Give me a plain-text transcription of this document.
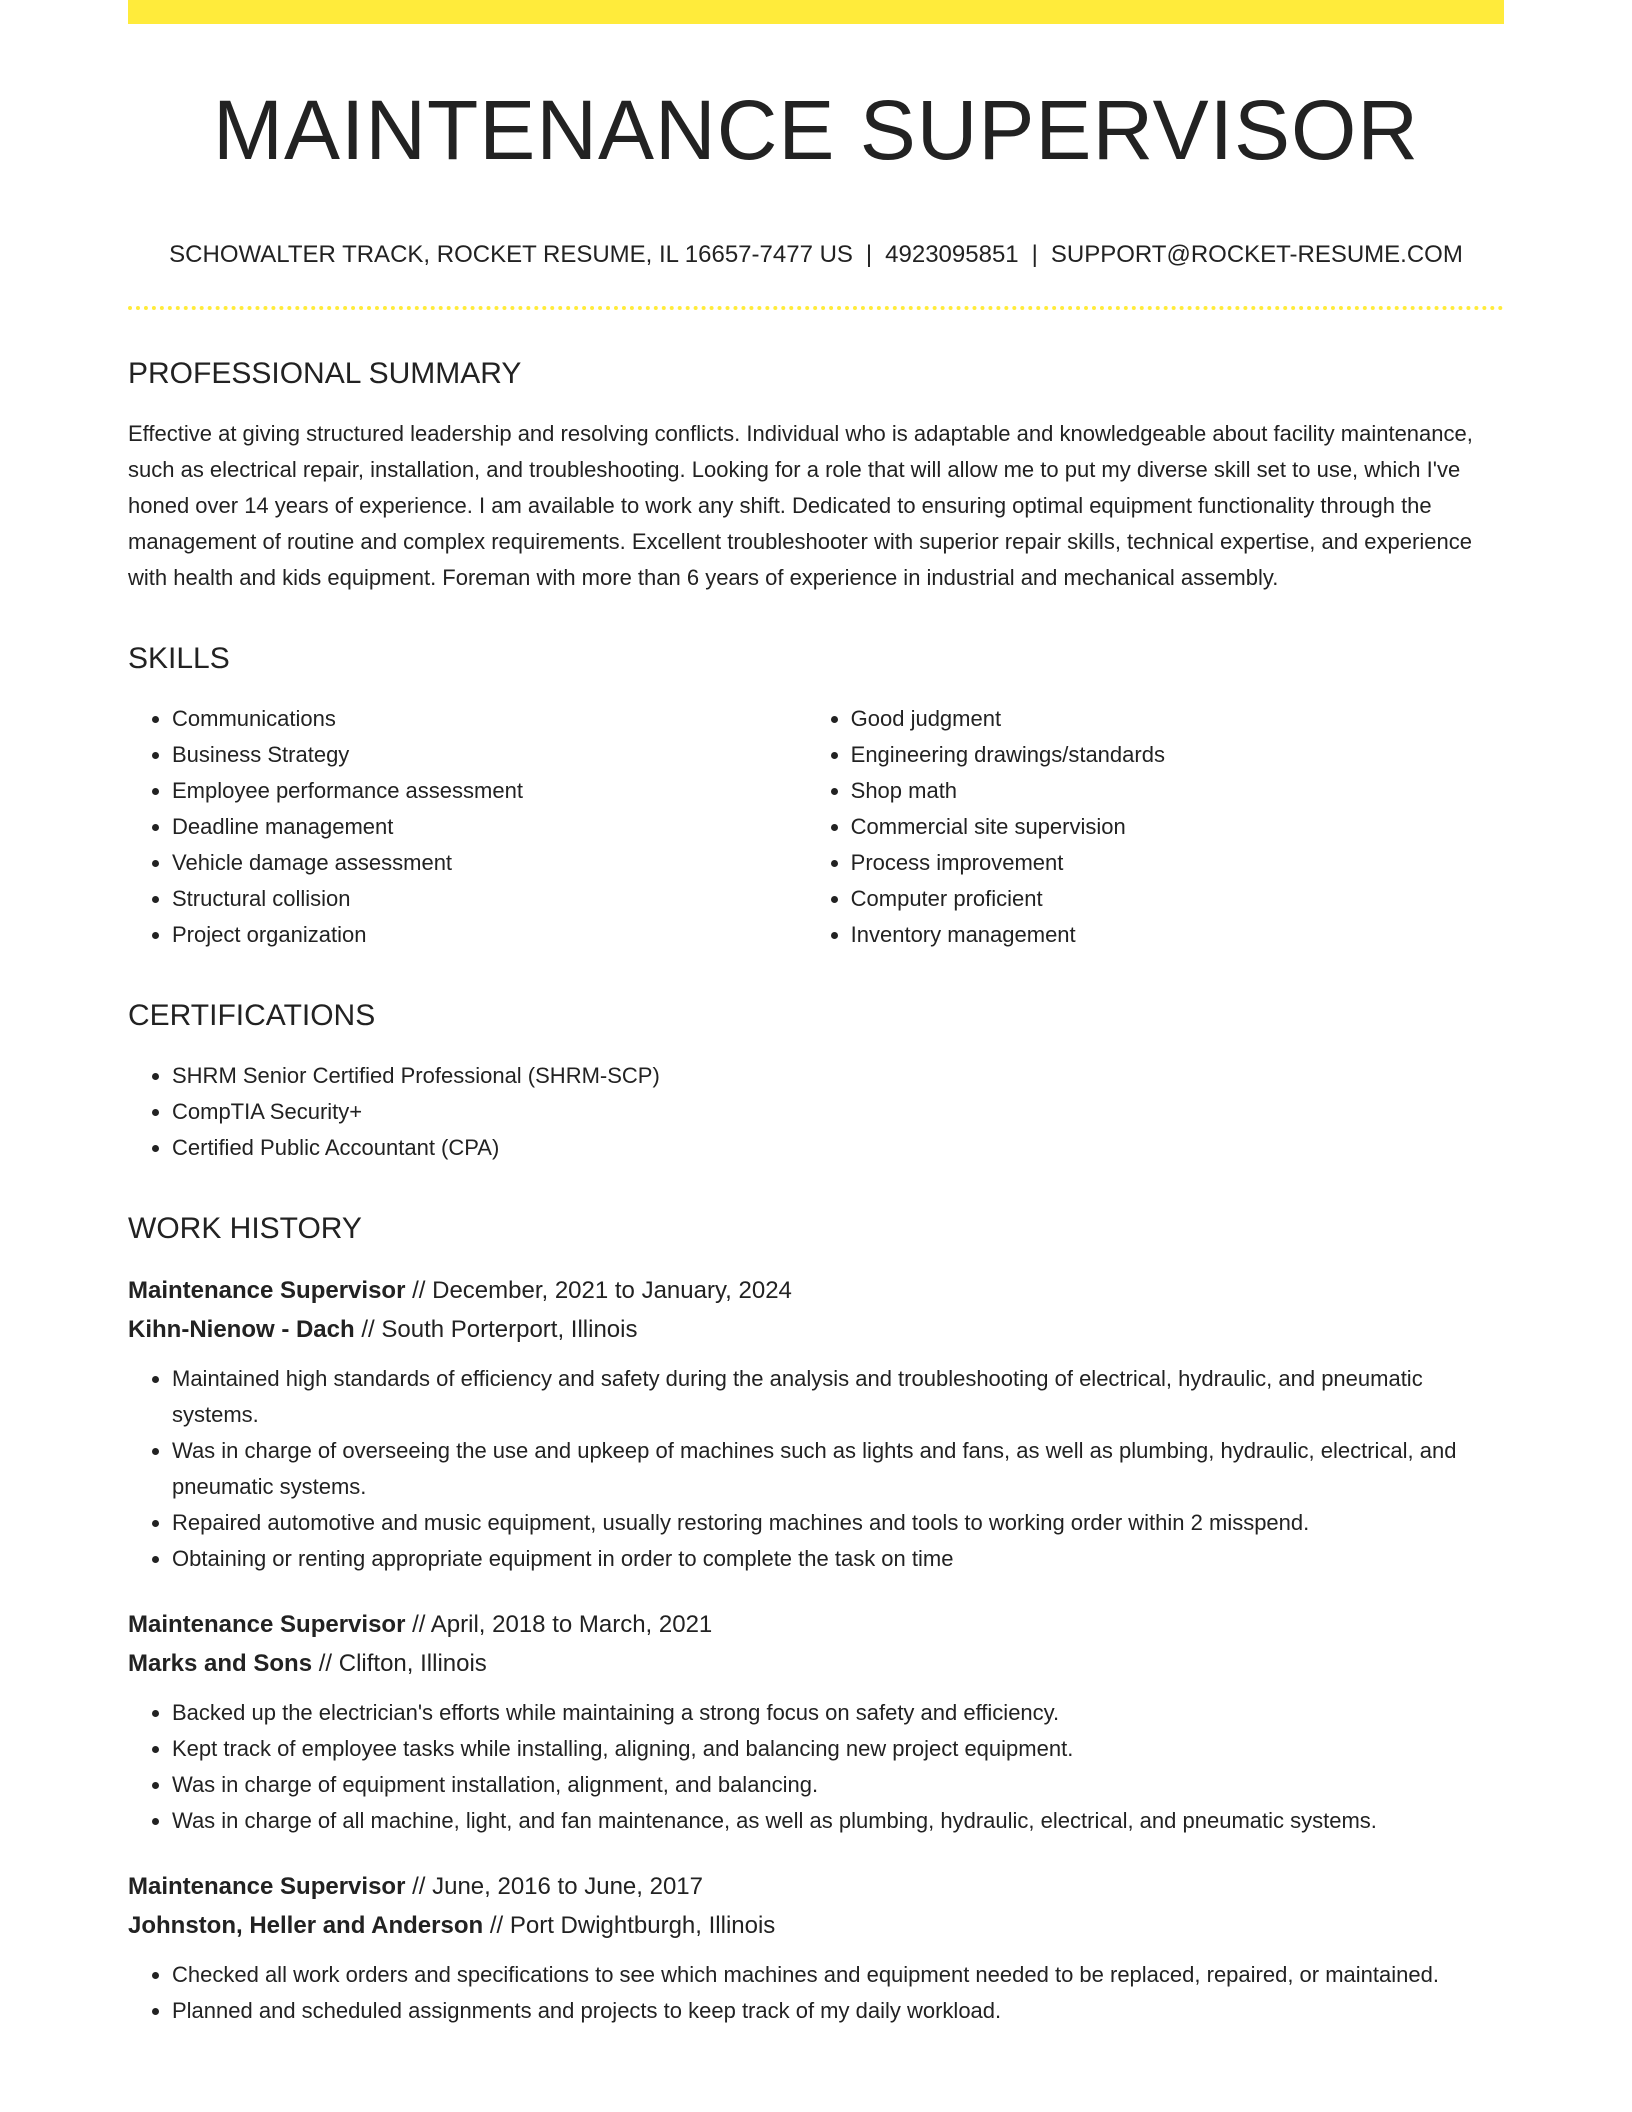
MAINTENANCE SUPERVISOR
SCHOWALTER TRACK, ROCKET RESUME, IL 16657-7477 US | 4923095851 | SUPPORT@ROCKET-RESUME.COM
PROFESSIONAL SUMMARY

Effective at giving structured leadership and resolving conflicts. Individual who is adaptable and knowledgeable about facility maintenance, such as electrical repair, installation, and troubleshooting. Looking for a role that will allow me to put my diverse skill set to use, which I've honed over 14 years of experience. I am available to work any shift. Dedicated to ensuring optimal equipment functionality through the management of routine and complex requirements. Excellent troubleshooter with superior repair skills, technical expertise, and experience with health and kids equipment. Foreman with more than 6 years of experience in industrial and mechanical assembly.

SKILLS
• Communications
• Business Strategy
• Employee performance assessment
• Deadline management
• Vehicle damage assessment
• Structural collision
• Project organization
• Good judgment
• Engineering drawings/standards
• Shop math
• Commercial site supervision
• Process improvement
• Computer proficient
• Inventory management
CERTIFICATIONS
• SHRM Senior Certified Professional (SHRM-SCP)
• CompTIA Security+
• Certified Public Accountant (CPA)
WORK HISTORY
Maintenance Supervisor // December, 2021 to January, 2024
Kihn-Nienow - Dach // South Porterport, Illinois
• Maintained high standards of efficiency and safety during the analysis and troubleshooting of electrical, hydraulic, and pneumatic systems.
• Was in charge of overseeing the use and upkeep of machines such as lights and fans, as well as plumbing, hydraulic, electrical, and pneumatic systems.
• Repaired automotive and music equipment, usually restoring machines and tools to working order within 2 misspend.
• Obtaining or renting appropriate equipment in order to complete the task on time
Maintenance Supervisor // April, 2018 to March, 2021
Marks and Sons // Clifton, Illinois
• Backed up the electrician's efforts while maintaining a strong focus on safety and efficiency.
• Kept track of employee tasks while installing, aligning, and balancing new project equipment.
• Was in charge of equipment installation, alignment, and balancing.
• Was in charge of all machine, light, and fan maintenance, as well as plumbing, hydraulic, electrical, and pneumatic systems.
Maintenance Supervisor // June, 2016 to June, 2017
Johnston, Heller and Anderson // Port Dwightburgh, Illinois
• Checked all work orders and specifications to see which machines and equipment needed to be replaced, repaired, or maintained.
• Planned and scheduled assignments and projects to keep track of my daily workload.
